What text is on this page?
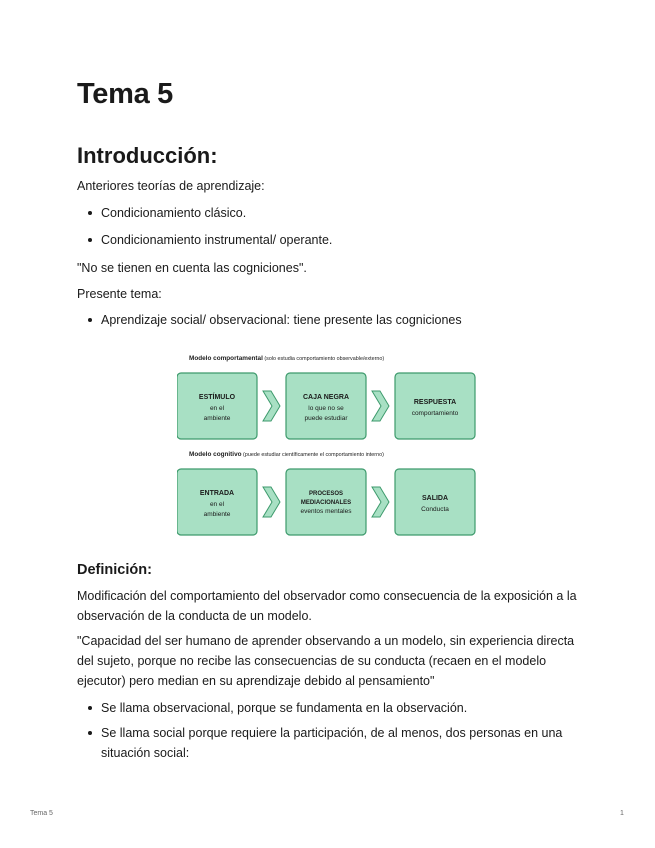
Tema 5
Introducción:

Anteriores teorías de aprendizaje:

Condicionamiento clásico.

Condicionamiento instrumental/ operante.

"No se tienen en cuenta las cogniciones".

Presente tema:

Aprendizaje social/ observacional: tiene presente las cogniciones

Modelo comportamental (solo estudia comportamiento observable/externo)
ESTÍMULO
en el
ambiente
CAJA NEGRA
lo que no se
puede estudiar
RESPUESTA
comportamiento
Modelo cognitivo (puede estudiar científicamente el comportamiento interno)
ENTRADA
en el
ambiente
PROCESOS
MEDIACIONALES
eventos mentales
SALIDA
Conducta
Definición:

Modificación del comportamiento del observador como consecuencia de la exposición a la observación de la conducta de un modelo.

"Capacidad del ser humano de aprender observando a un modelo, sin experiencia directa del sujeto, porque no recibe las consecuencias de su conducta (recaen en el modelo ejecutor) pero median en su aprendizaje debido al pensamiento"

Se llama observacional, porque se fundamenta en la observación.

Se llama social porque requiere la participación, de al menos, dos personas en una situación social:

Tema 5	1
